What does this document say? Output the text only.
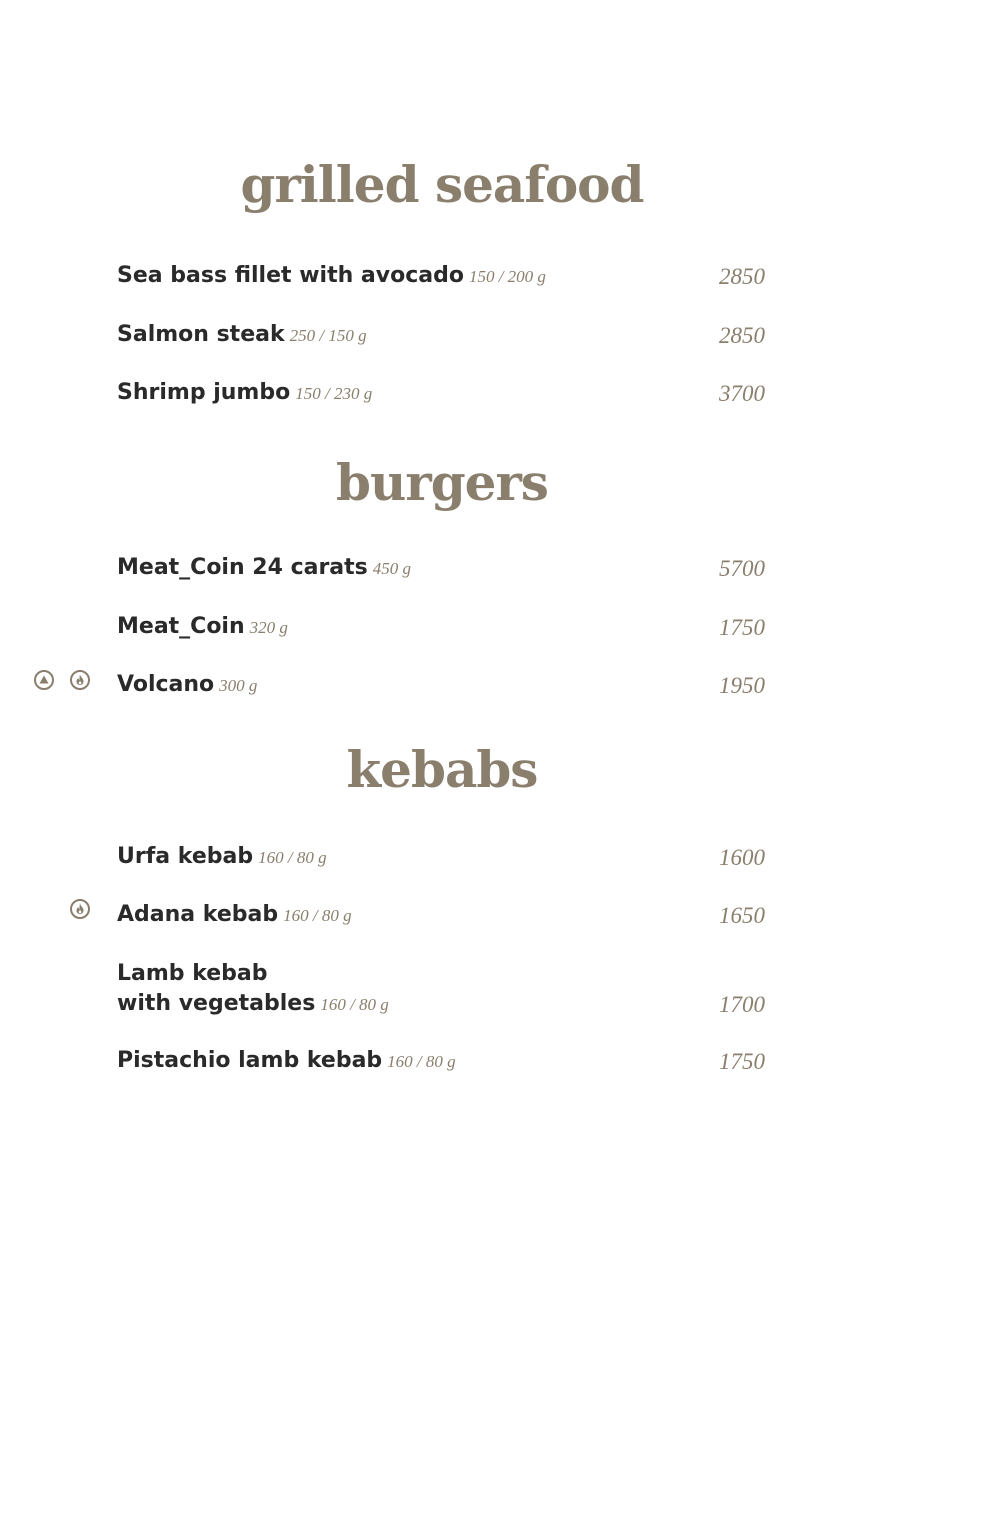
grilled seafood
Sea bass fillet with avocado 150 / 200 g	2850
Salmon steak 250 / 150 g	2850
Shrimp jumbo 150 / 230 g	3700
burgers
Meat_Coin 24 carats 450 g	5700
Meat_Coin 320 g	1750
Volcano 300 g	1950
kebabs
Urfa kebab 160 / 80 g	1600
Adana kebab 160 / 80 g	1650
Lamb kebab
with vegetables 160 / 80 g	1700
Pistachio lamb kebab 160 / 80 g	1750
